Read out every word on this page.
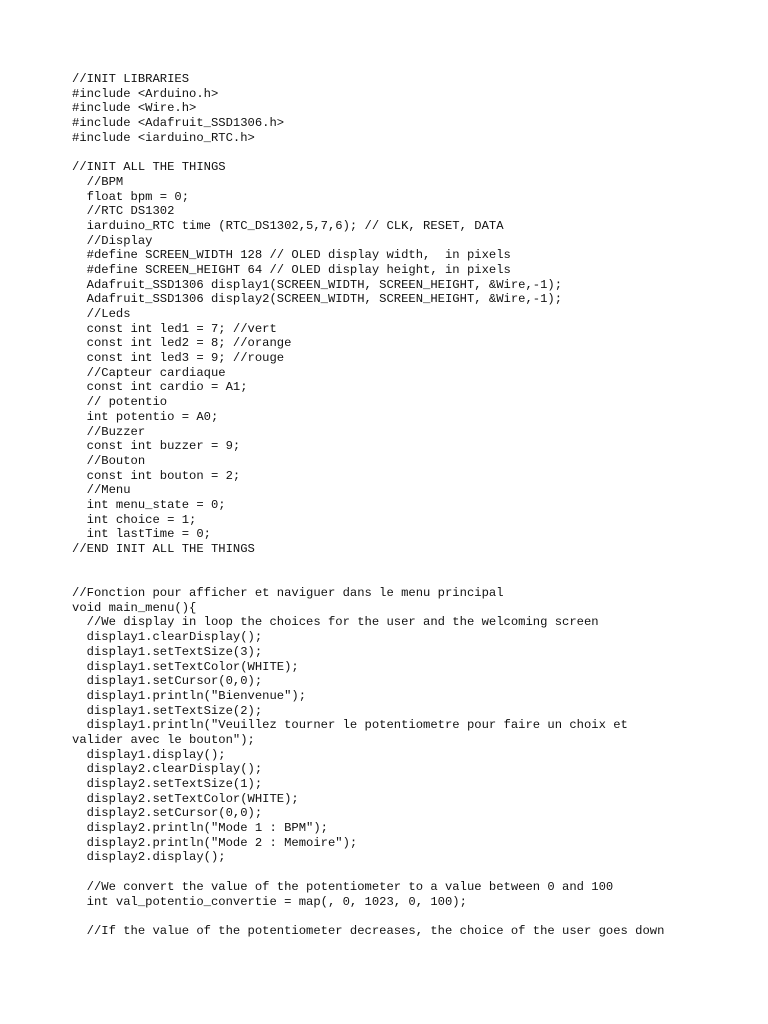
//INIT LIBRARIES
#include <Arduino.h>
#include <Wire.h>
#include <Adafruit_SSD1306.h>
#include <iarduino_RTC.h>
//INIT ALL THE THINGS
//BPM
float bpm = 0;
//RTC DS1302
iarduino_RTC time (RTC_DS1302,5,7,6); // CLK, RESET, DATA
//Display
#define SCREEN_WIDTH 128 // OLED display width,  in pixels
#define SCREEN_HEIGHT 64 // OLED display height, in pixels
Adafruit_SSD1306 display1(SCREEN_WIDTH, SCREEN_HEIGHT, &Wire,-1);
Adafruit_SSD1306 display2(SCREEN_WIDTH, SCREEN_HEIGHT, &Wire,-1);
//Leds
const int led1 = 7; //vert
const int led2 = 8; //orange
const int led3 = 9; //rouge
//Capteur cardiaque
const int cardio = A1;
// potentio
int potentio = A0;
//Buzzer
const int buzzer = 9;
//Bouton
const int bouton = 2;
//Menu
int menu_state = 0;
int choice = 1;
int lastTime = 0;
//END INIT ALL THE THINGS
//Fonction pour afficher et naviguer dans le menu principal
void main_menu(){
//We display in loop the choices for the user and the welcoming screen
display1.clearDisplay();
display1.setTextSize(3);
display1.setTextColor(WHITE);
display1.setCursor(0,0);
display1.println("Bienvenue");
display1.setTextSize(2);
display1.println("Veuillez tourner le potentiometre pour faire un choix et
valider avec le bouton");
display1.display();
display2.clearDisplay();
display2.setTextSize(1);
display2.setTextColor(WHITE);
display2.setCursor(0,0);
display2.println("Mode 1 : BPM");
display2.println("Mode 2 : Memoire");
display2.display();
//We convert the value of the potentiometer to a value between 0 and 100
int val_potentio_convertie = map(, 0, 1023, 0, 100);
//If the value of the potentiometer decreases, the choice of the user goes down
